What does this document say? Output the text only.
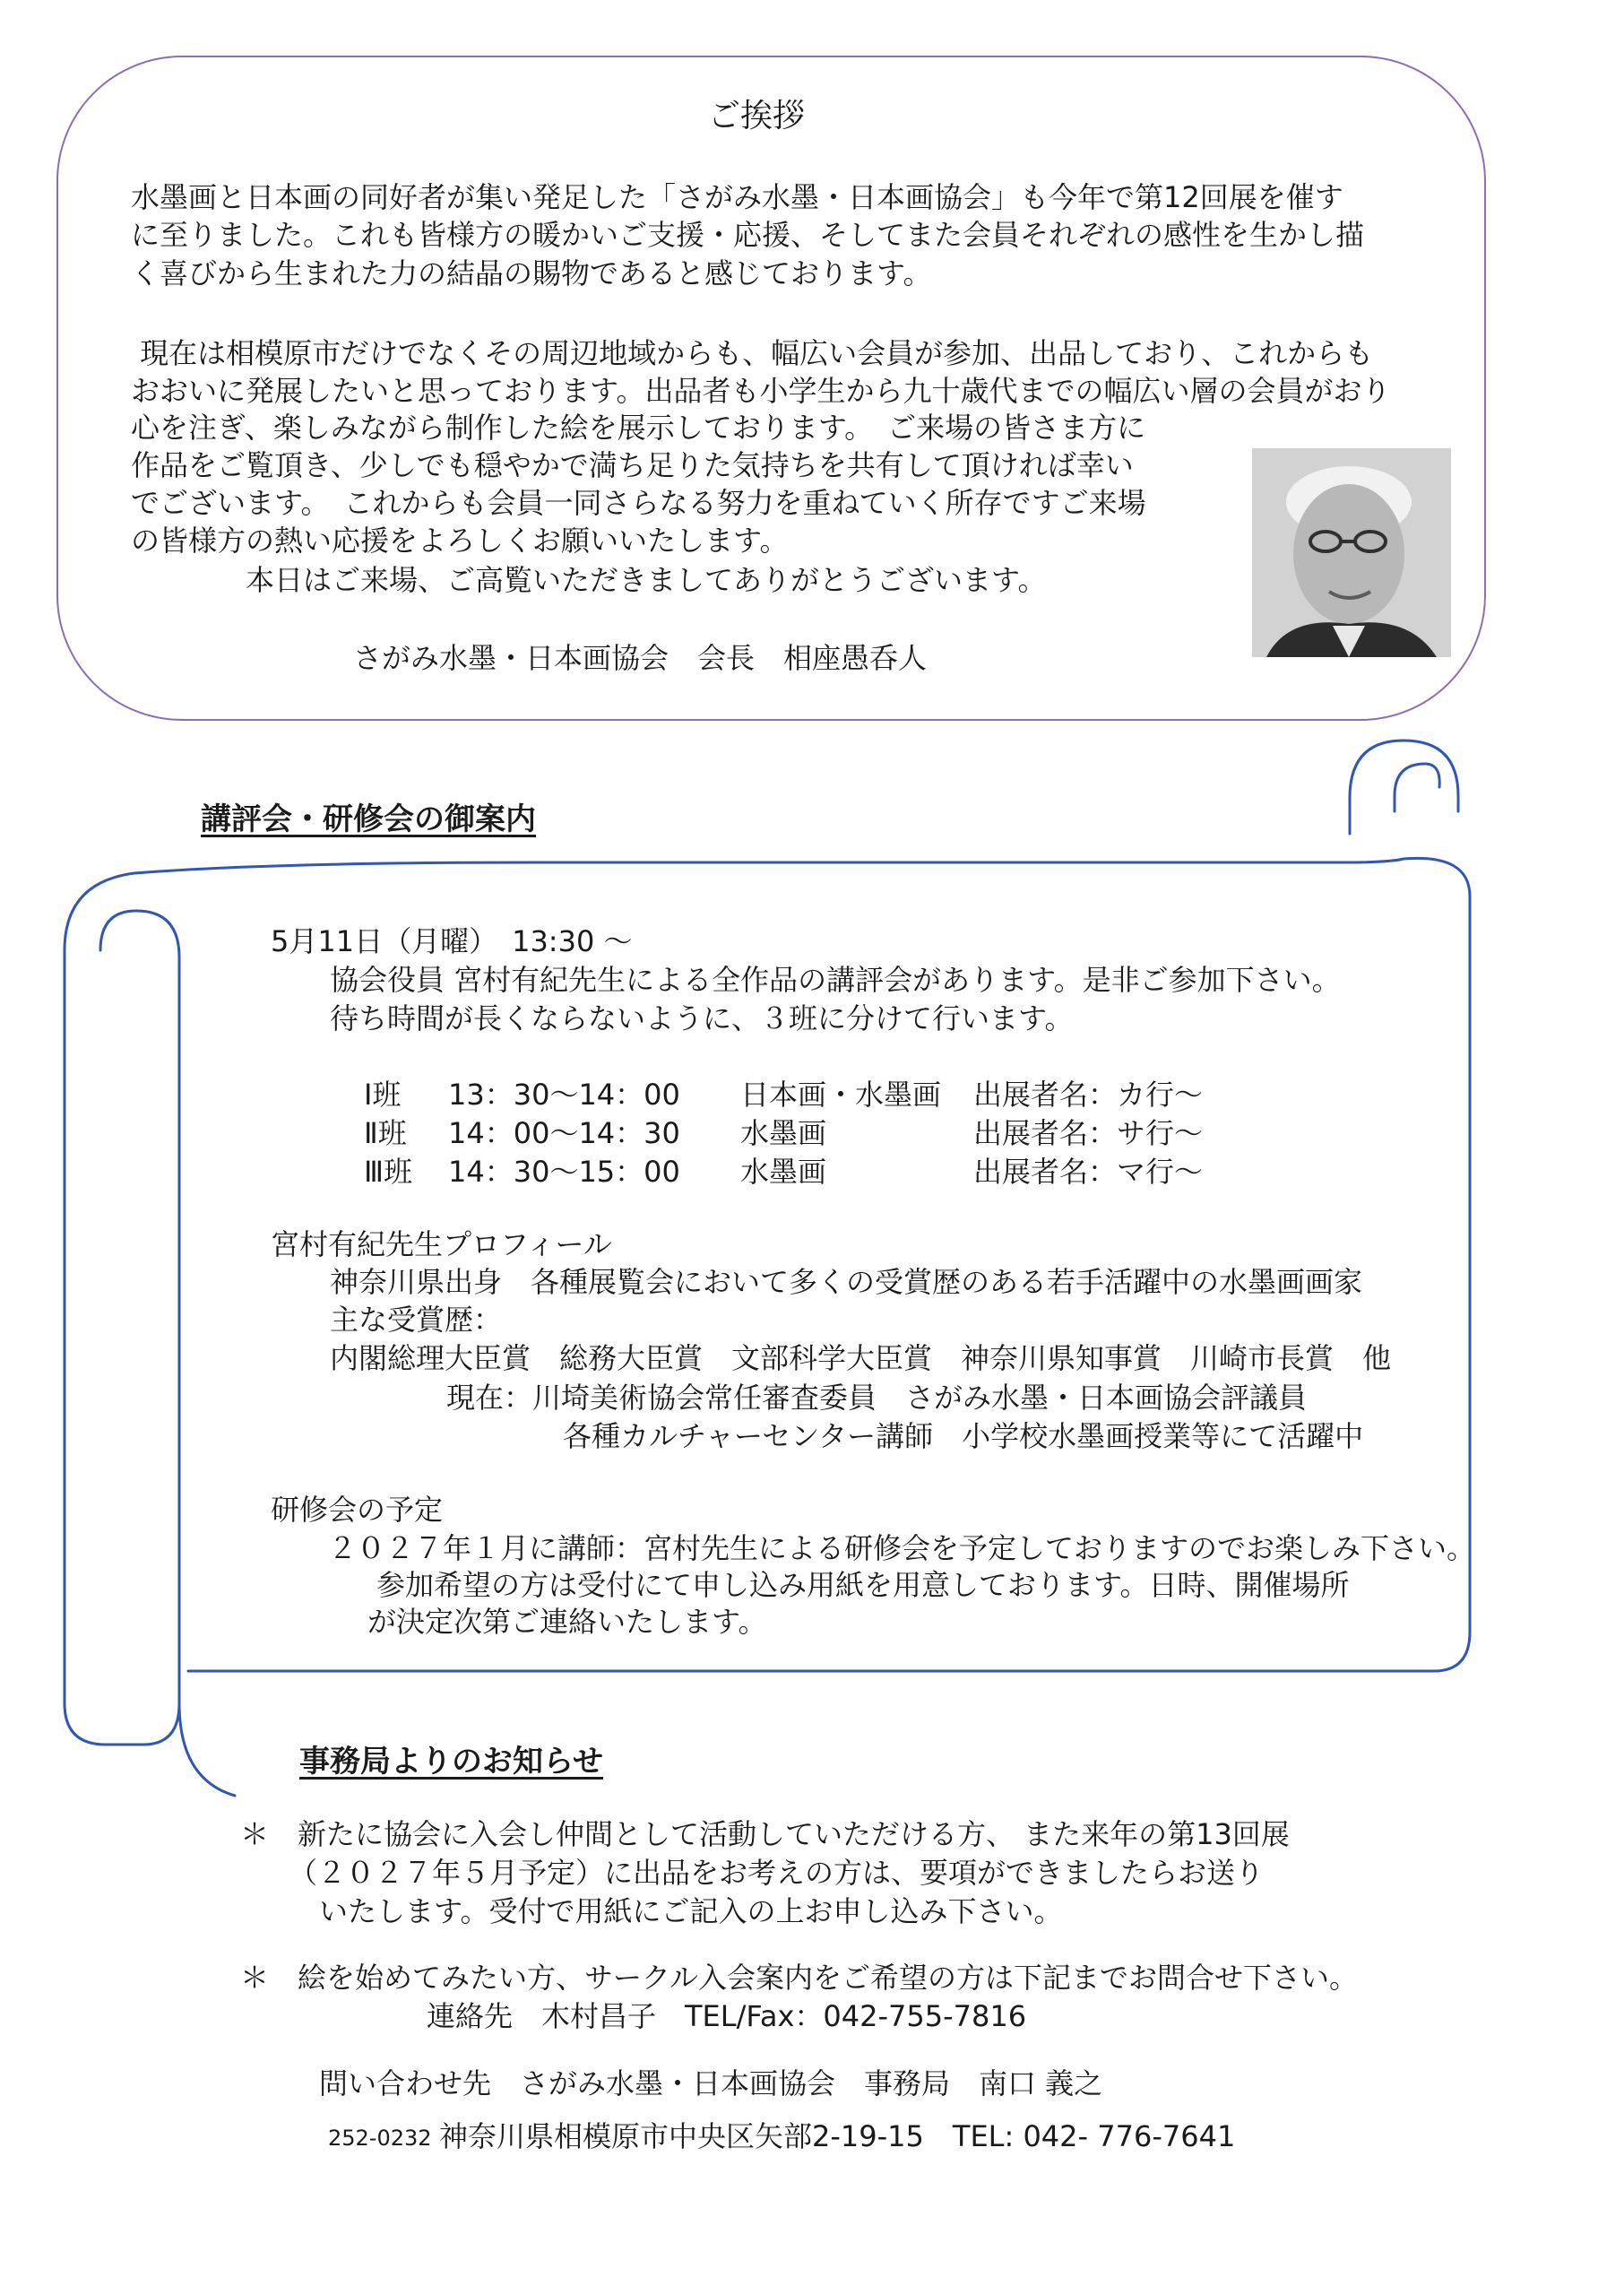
ご挨拶
水墨画と日本画の同好者が集い発足した「さがみ水墨・日本画協会」も今年で第12回展を催す
に至りました。これも皆様方の暖かいご支援・応援、そしてまた会員それぞれの感性を生かし描
く喜びから生まれた力の結晶の賜物であると感じております。
現在は相模原市だけでなくその周辺地域からも、幅広い会員が参加、出品しており、これからも
おおいに発展したいと思っております。出品者も小学生から九十歳代までの幅広い層の会員がおり
心を注ぎ、楽しみながら制作した絵を展示しております。　ご来場の皆さま方に
作品をご覧頂き、少しでも穏やかで満ち足りた気持ちを共有して頂ければ幸い
でございます。　これからも会員一同さらなる努力を重ねていく所存ですご来場
の皆様方の熱い応援をよろしくお願いいたします。
本日はご来場、ご高覧いただきましてありがとうございます。
さがみ水墨・日本画協会　会長　相座愚呑人
講評会・研修会の御案内
5月11日（月曜）　13:30 ～
協会役員 宮村有紀先生による全作品の講評会があります。是非ご参加下さい。
待ち時間が長くならないように、３班に分けて行います。
Ⅰ班 13：30～14：00 日本画・水墨画 出展者名：カ行～
Ⅱ班 14：00～14：30 水墨画	出展者名：サ行～
Ⅲ班 14：30～15：00 水墨画	出展者名：マ行～
宮村有紀先生プロフィール
神奈川県出身　各種展覧会において多くの受賞歴のある若手活躍中の水墨画画家
主な受賞歴：
内閣総理大臣賞　総務大臣賞　文部科学大臣賞　神奈川県知事賞　川崎市長賞　他
現在：川埼美術協会常任審査委員　さがみ水墨・日本画協会評議員
各種カルチャーセンター講師　小学校水墨画授業等にて活躍中
研修会の予定
２０２７年１月に講師：宮村先生による研修会を予定しておりますのでお楽しみ下さい。
参加希望の方は受付にて申し込み用紙を用意しております。日時、開催場所
が決定次第ご連絡いたします。
事務局よりのお知らせ
＊　新たに協会に入会し仲間として活動していただける方、 また来年の第13回展
（２０２７年５月予定）に出品をお考えの方は、要項ができましたらお送り
いたします。受付で用紙にご記入の上お申し込み下さい。
＊　絵を始めてみたい方、サークル入会案内をご希望の方は下記までお問合せ下さい。
連絡先　木村昌子　TEL/Fax：042-755-7816
問い合わせ先　さがみ水墨・日本画協会　事務局　南口 義之
252-0232 神奈川県相模原市中央区矢部2-19-15　TEL: 042- 776-7641
